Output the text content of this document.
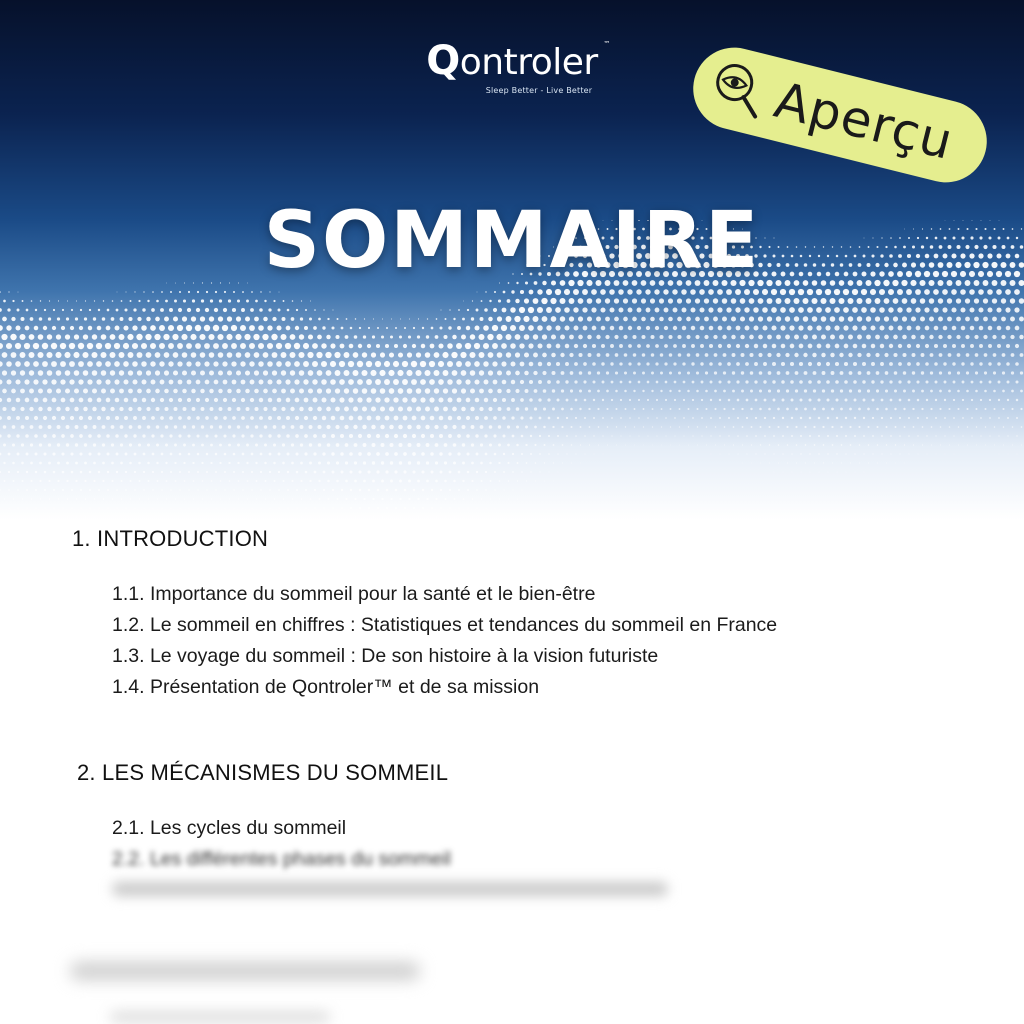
Qontroler ™
Sleep Better - Live Better	Aperçu
SOMMAIRE
1. INTRODUCTION
1.1. Importance du sommeil pour la santé et le bien-être
1.2. Le sommeil en chiffres : Statistiques et tendances du sommeil en France
1.3. Le voyage du sommeil : De son histoire à la vision futuriste
1.4. Présentation de Qontroler™ et de sa mission
2. LES MÉCANISMES DU SOMMEIL
2.1. Les cycles du sommeil
2.2. Les différentes phases du sommeil
